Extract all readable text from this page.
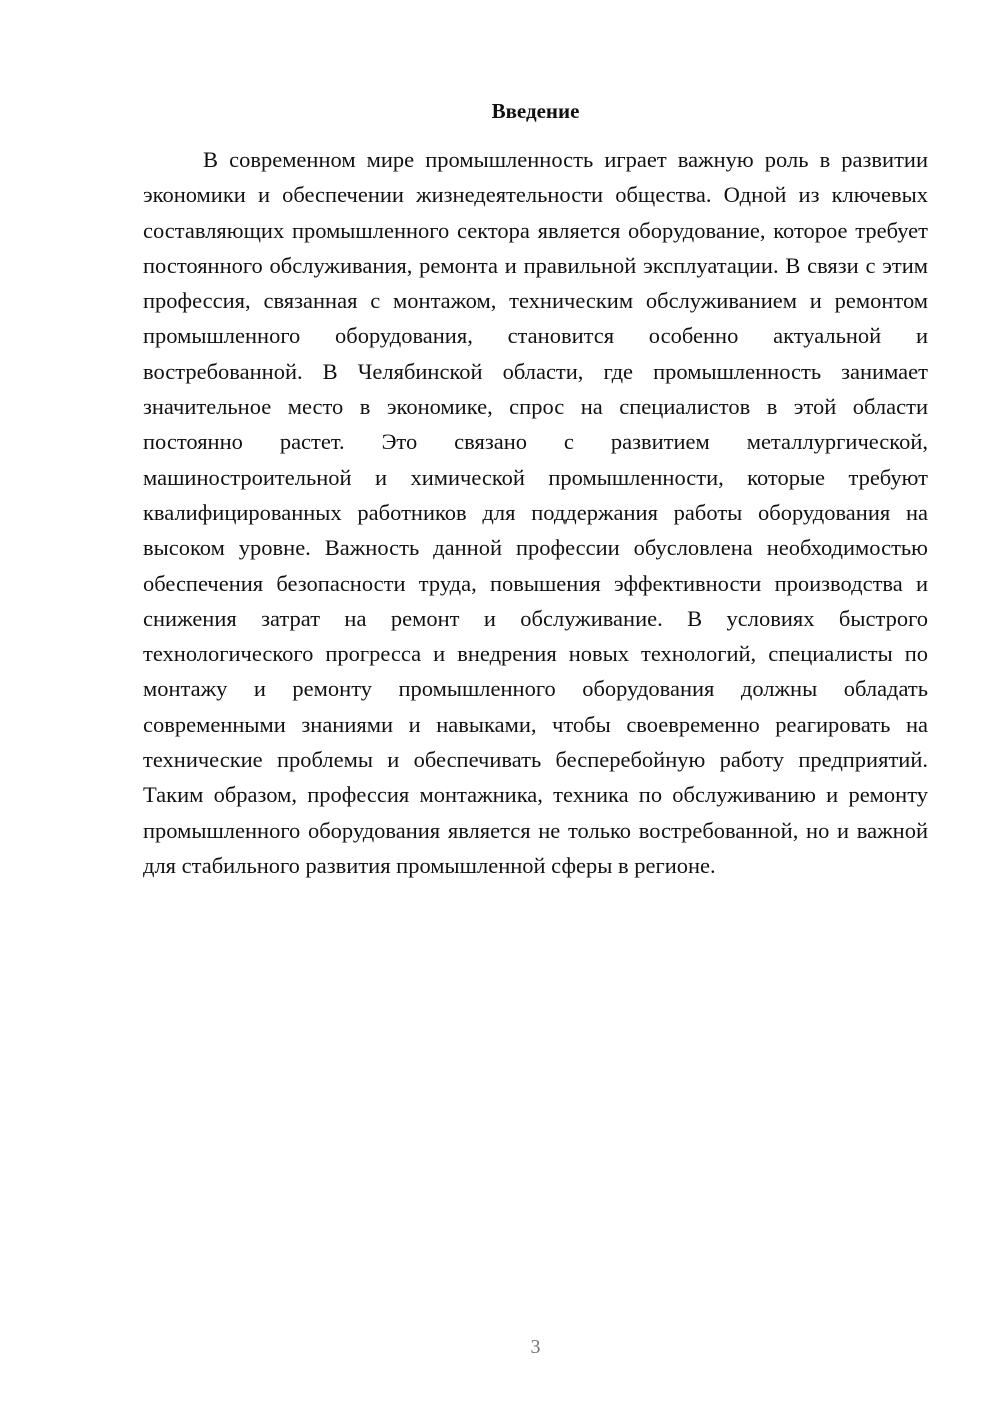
Введение

В современном мире промышленность играет важную роль в развитии экономики и обеспечении жизнедеятельности общества. Одной из ключевых составляющих промышленного сектора является оборудование, которое требует постоянного обслуживания, ремонта и правильной эксплуатации. В связи с этим профессия, связанная с монтажом, техническим обслуживанием и ремонтом промышленного оборудования, становится особенно актуальной и востребованной. В Челябинской области, где промышленность занимает значительное место в экономике, спрос на специалистов в этой области постоянно растет. Это связано с развитием металлургической, машиностроительной и химической промышленности, которые требуют квалифицированных работников для поддержания работы оборудования на высоком уровне. Важность данной профессии обусловлена необходимостью обеспечения безопасности труда, повышения эффективности производства и снижения затрат на ремонт и обслуживание. В условиях быстрого технологического прогресса и внедрения новых технологий, специалисты по монтажу и ремонту промышленного оборудования должны обладать современными знаниями и навыками, чтобы своевременно реагировать на технические проблемы и обеспечивать бесперебойную работу предприятий. Таким образом, профессия монтажника, техника по обслуживанию и ремонту промышленного оборудования является не только востребованной, но и важной для стабильного развития промышленной сферы в регионе.

3
